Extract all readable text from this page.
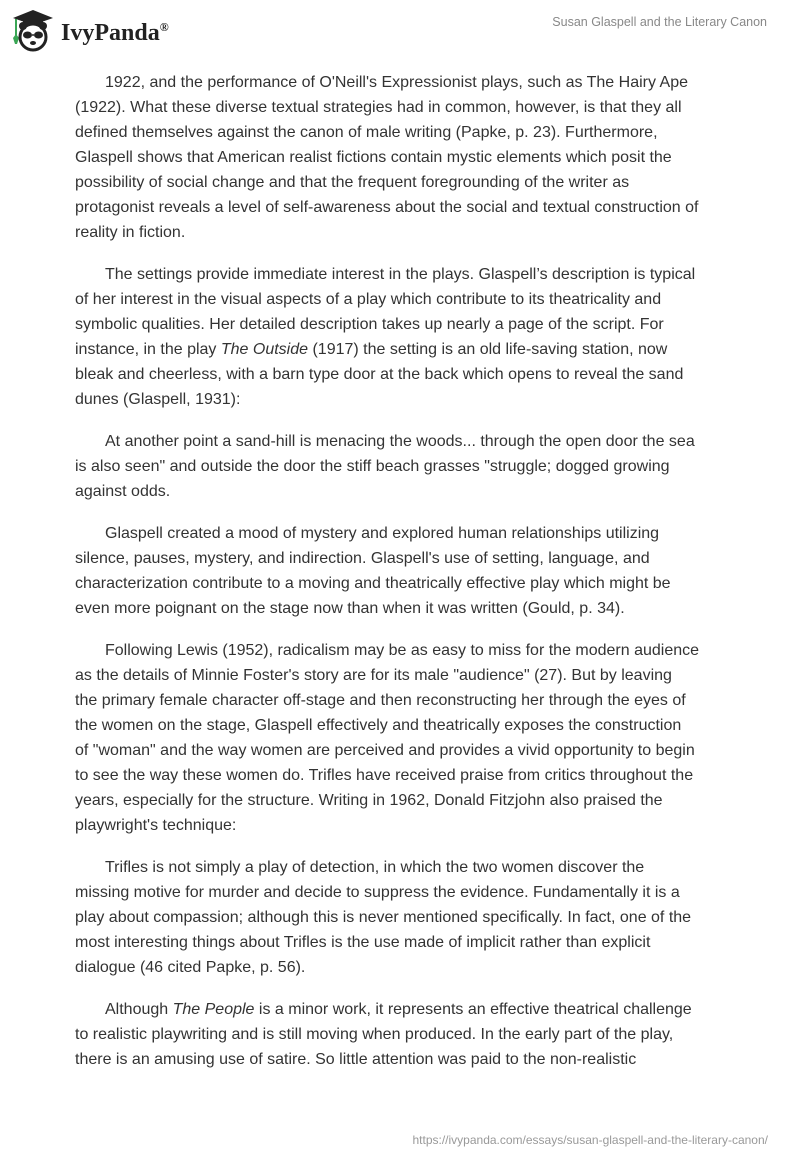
IvyPanda®	Susan Glaspell and the Literary Canon

1922, and the performance of O'Neill's Expressionist plays, such as The Hairy Ape
(1922). What these diverse textual strategies had in common, however, is that they all
defined themselves against the canon of male writing (Papke, p. 23). Furthermore,
Glaspell shows that American realist fictions contain mystic elements which posit the
possibility of social change and that the frequent foregrounding of the writer as
protagonist reveals a level of self-awareness about the social and textual construction of
reality in fiction.

The settings provide immediate interest in the plays. Glaspell’s description is typical
of her interest in the visual aspects of a play which contribute to its theatricality and
symbolic qualities. Her detailed description takes up nearly a page of the script. For
instance, in the play The Outside (1917) the setting is an old life-saving station, now
bleak and cheerless, with a barn type door at the back which opens to reveal the sand
dunes (Glaspell, 1931):

At another point a sand-hill is menacing the woods... through the open door the sea
is also seen" and outside the door the stiff beach grasses "struggle; dogged growing
against odds.

Glaspell created a mood of mystery and explored human relationships utilizing
silence, pauses, mystery, and indirection. Glaspell's use of setting, language, and
characterization contribute to a moving and theatrically effective play which might be
even more poignant on the stage now than when it was written (Gould, p. 34).

Following Lewis (1952), radicalism may be as easy to miss for the modern audience
as the details of Minnie Foster's story are for its male "audience" (27). But by leaving
the primary female character off-stage and then reconstructing her through the eyes of
the women on the stage, Glaspell effectively and theatrically exposes the construction
of "woman" and the way women are perceived and provides a vivid opportunity to begin
to see the way these women do. Trifles have received praise from critics throughout the
years, especially for the structure. Writing in 1962, Donald Fitzjohn also praised the
playwright's technique:

Trifles is not simply a play of detection, in which the two women discover the
missing motive for murder and decide to suppress the evidence. Fundamentally it is a
play about compassion; although this is never mentioned specifically. In fact, one of the
most interesting things about Trifles is the use made of implicit rather than explicit
dialogue (46 cited Papke, p. 56).

Although The People is a minor work, it represents an effective theatrical challenge
to realistic playwriting and is still moving when produced. In the early part of the play,
there is an amusing use of satire. So little attention was paid to the non-realistic

https://ivypanda.com/essays/susan-glaspell-and-the-literary-canon/
